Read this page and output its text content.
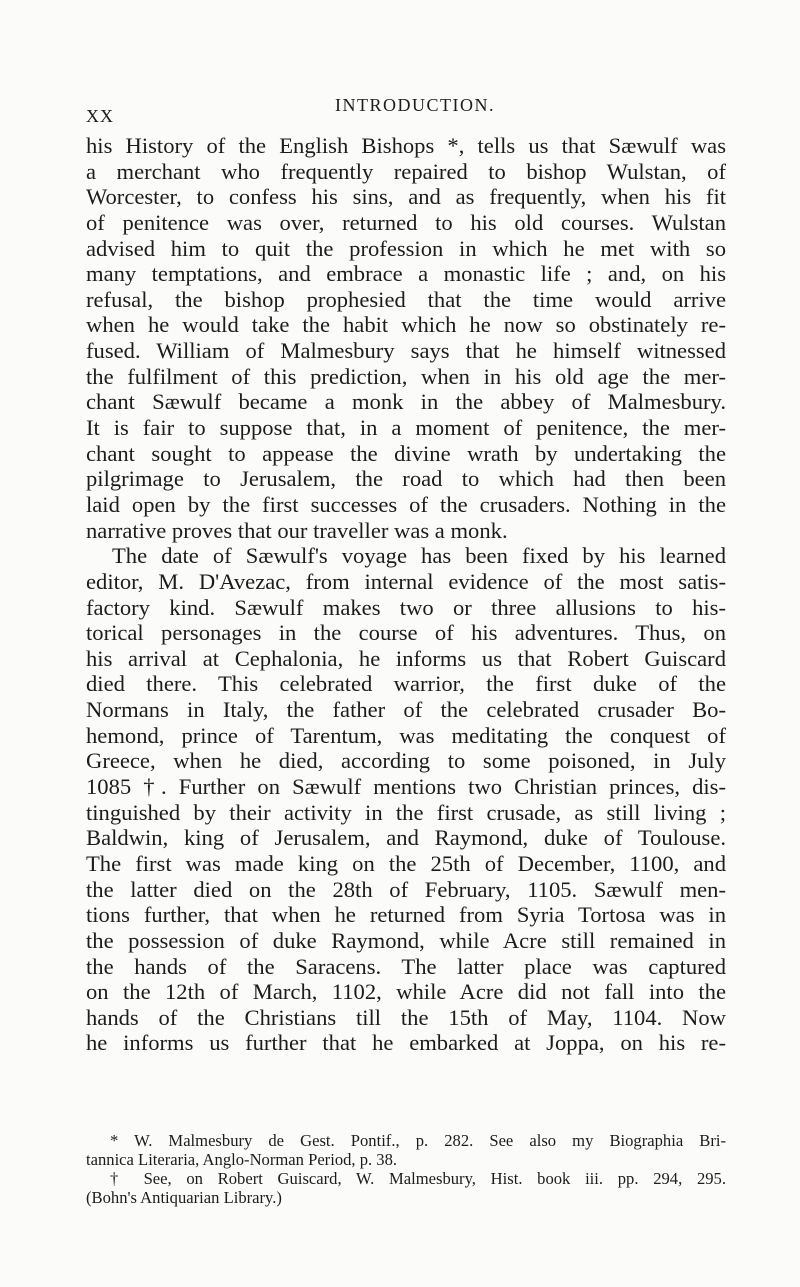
XX
INTRODUCTION.
his History of the English Bishops *, tells us that Sæwulf was
a merchant who frequently repaired to bishop Wulstan, of
Worcester, to confess his sins, and as frequently, when his fit
of penitence was over, returned to his old courses. Wulstan
advised him to quit the profession in which he met with so
many temptations, and embrace a monastic life ; and, on his
refusal, the bishop prophesied that the time would arrive
when he would take the habit which he now so obstinately re-
fused. William of Malmesbury says that he himself witnessed
the fulfilment of this prediction, when in his old age the mer-
chant Sæwulf became a monk in the abbey of Malmesbury.
It is fair to suppose that, in a moment of penitence, the mer-
chant sought to appease the divine wrath by undertaking the
pilgrimage to Jerusalem, the road to which had then been
laid open by the first successes of the crusaders. Nothing in the
narrative proves that our traveller was a monk.
The date of Sæwulf's voyage has been fixed by his learned
editor, M. D'Avezac, from internal evidence of the most satis-
factory kind. Sæwulf makes two or three allusions to his-
torical personages in the course of his adventures. Thus, on
his arrival at Cephalonia, he informs us that Robert Guiscard
died there. This celebrated warrior, the first duke of the
Normans in Italy, the father of the celebrated crusader Bo-
hemond, prince of Tarentum, was meditating the conquest of
Greece, when he died, according to some poisoned, in July
1085 †. Further on Sæwulf mentions two Christian princes, dis-
tinguished by their activity in the first crusade, as still living ;
Baldwin, king of Jerusalem, and Raymond, duke of Toulouse.
The first was made king on the 25th of December, 1100, and
the latter died on the 28th of February, 1105. Sæwulf men-
tions further, that when he returned from Syria Tortosa was in
the possession of duke Raymond, while Acre still remained in
the hands of the Saracens. The latter place was captured
on the 12th of March, 1102, while Acre did not fall into the
hands of the Christians till the 15th of May, 1104. Now
he informs us further that he embarked at Joppa, on his re-
* W. Malmesbury de Gest. Pontif., p. 282. See also my Biographia Bri-
tannica Literaria, Anglo-Norman Period, p. 38.
† See, on Robert Guiscard, W. Malmesbury, Hist. book iii. pp. 294, 295.
(Bohn's Antiquarian Library.)
